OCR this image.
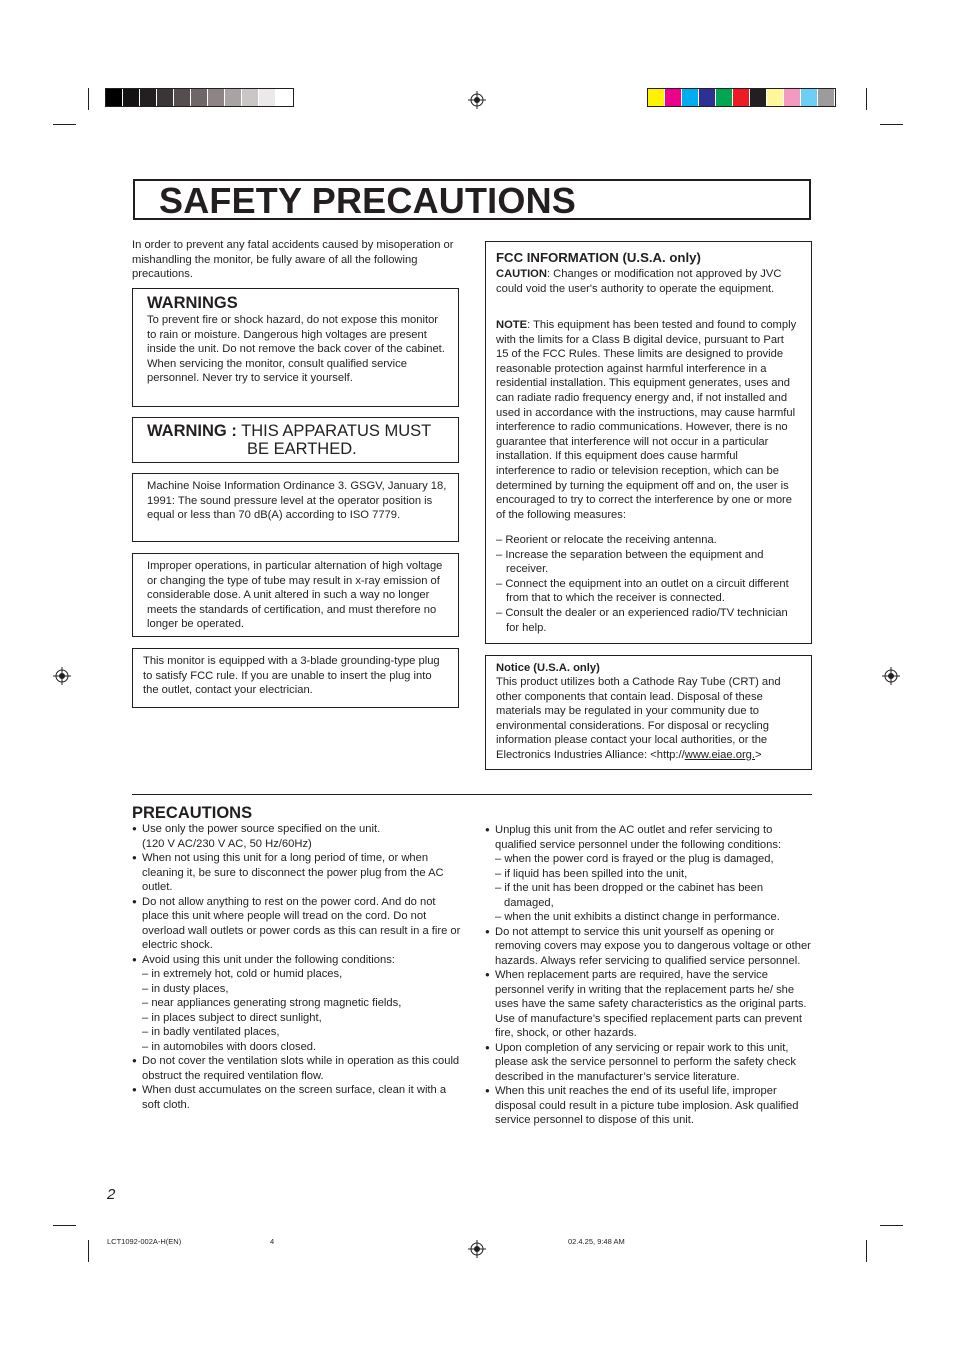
SAFETY PRECAUTIONS
In order to prevent any fatal accidents caused by misoperation or mishandling the monitor, be fully aware of all the following precautions.
WARNINGS
To prevent fire or shock hazard, do not expose this monitor to rain or moisture. Dangerous high voltages are present inside the unit. Do not remove the back cover of the cabinet. When servicing the monitor, consult qualified service personnel. Never try to service it yourself.
WARNING : THIS APPARATUS MUST
BE EARTHED.
Machine Noise Information Ordinance 3. GSGV, January 18, 1991: The sound pressure level at the operator position is equal or less than 70 dB(A) according to ISO 7779.
Improper operations, in particular alternation of high voltage or changing the type of tube may result in x-ray emission of considerable dose. A unit altered in such a way no longer meets the standards of certification, and must therefore no longer be operated.
This monitor is equipped with a 3-blade grounding-type plug to satisfy FCC rule. If you are unable to insert the plug into the outlet, contact your electrician.
FCC INFORMATION (U.S.A. only)
CAUTION: Changes or modification not approved by JVC could void the user's authority to operate the equipment.
NOTE: This equipment has been tested and found to comply with the limits for a Class B digital device, pursuant to Part 15 of the FCC Rules. These limits are designed to provide reasonable protection against harmful interference in a residential installation. This equipment generates, uses and can radiate radio frequency energy and, if not installed and used in accordance with the instructions, may cause harmful interference to radio communications. However, there is no guarantee that interference will not occur in a particular installation. If this equipment does cause harmful interference to radio or television reception, which can be determined by turning the equipment off and on, the user is encouraged to try to correct the interference by one or more of the following measures:
– Reorient or relocate the receiving antenna.
– Increase the separation between the equipment and receiver.
– Connect the equipment into an outlet on a circuit different from that to which the receiver is connected.
– Consult the dealer or an experienced radio/TV technician for help.
Notice (U.S.A. only)
This product utilizes both a Cathode Ray Tube (CRT) and other components that contain lead. Disposal of these materials may be regulated in your community due to environmental considerations. For disposal or recycling information please contact your local authorities, or the Electronics Industries Alliance: <http://www.eiae.org.>
PRECAUTIONS
● Use only the power source specified on the unit.
(120 V AC/230 V AC, 50 Hz/60Hz)
● When not using this unit for a long period of time, or when cleaning it, be sure to disconnect the power plug from the AC outlet.
● Do not allow anything to rest on the power cord. And do not place this unit where people will tread on the cord. Do not overload wall outlets or power cords as this can result in a fire or electric shock.
● Avoid using this unit under the following conditions:
– in extremely hot, cold or humid places,
– in dusty places,
– near appliances generating strong magnetic fields,
– in places subject to direct sunlight,
– in badly ventilated places,
– in automobiles with doors closed.
● Do not cover the ventilation slots while in operation as this could obstruct the required ventilation flow.
● When dust accumulates on the screen surface, clean it with a soft cloth.
● Unplug this unit from the AC outlet and refer servicing to qualified service personnel under the following conditions:
– when the power cord is frayed or the plug is damaged,
– if liquid has been spilled into the unit,
– if the unit has been dropped or the cabinet has been damaged,
– when the unit exhibits a distinct change in performance.
● Do not attempt to service this unit yourself as opening or removing covers may expose you to dangerous voltage or other hazards. Always refer servicing to qualified service personnel.
● When replacement parts are required, have the service personnel verify in writing that the replacement parts he/ she uses have the same safety characteristics as the original parts. Use of manufacture’s specified replacement parts can prevent fire, shock, or other hazards.
● Upon completion of any servicing or repair work to this unit, please ask the service personnel to perform the safety check described in the manufacturer’s service literature.
● When this unit reaches the end of its useful life, improper disposal could result in a picture tube implosion. Ask qualified service personnel to dispose of this unit.
2
LCT1092-002A-H(EN)	4	02.4.25, 9:48 AM
